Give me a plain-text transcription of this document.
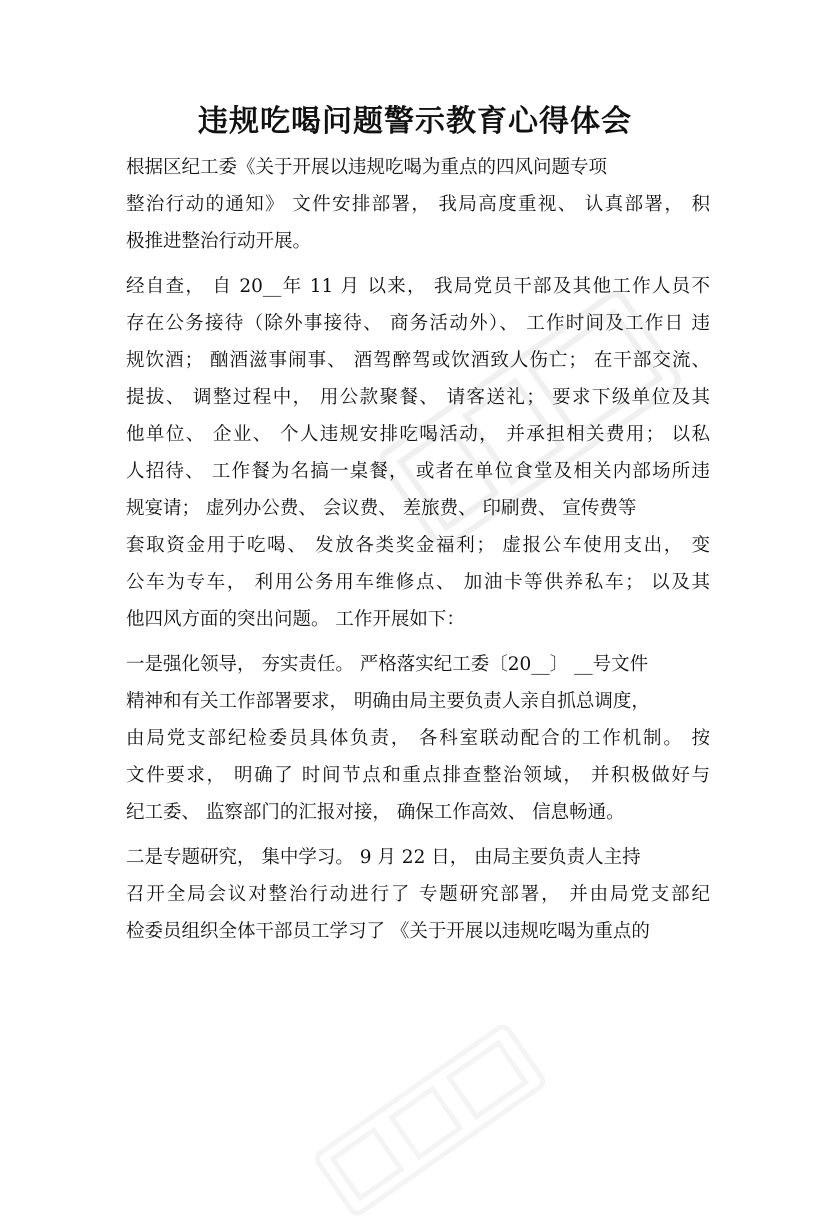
违规吃喝问题警示教育心得体会
根据区纪工委《关于开展以违规吃喝为重点的四风问题专项
整治行动的通知》 文件安排部署， 我局高度重视、 认真部署， 积
极推进整治行动开展。
经自查， 自 20__年 11 月 以来， 我局党员干部及其他工作人员不
存在公务接待（除外事接待、 商务活动外）、 工作时间及工作日 违
规饮酒； 酗酒滋事闹事、 酒驾醉驾或饮酒致人伤亡； 在干部交流、
提拔、 调整过程中， 用公款聚餐、 请客送礼； 要求下级单位及其
他单位、 企业、 个人违规安排吃喝活动， 并承担相关费用； 以私
人招待、 工作餐为名搞一桌餐， 或者在单位食堂及相关内部场所违
规宴请； 虚列办公费、 会议费、 差旅费、 印刷费、 宣传费等
套取资金用于吃喝、 发放各类奖金福利； 虚报公车使用支出， 变
公车为专车， 利用公务用车维修点、 加油卡等供养私车； 以及其
他四风方面的突出问题。 工作开展如下：
一是强化领导， 夯实责任。 严格落实纪工委〔20__〕 __号文件
精神和有关工作部署要求， 明确由局主要负责人亲自抓总调度，
由局党支部纪检委员具体负责， 各科室联动配合的工作机制。 按
文件要求， 明确了 时间节点和重点排查整治领域， 并积极做好与
纪工委、 监察部门的汇报对接， 确保工作高效、 信息畅通。
二是专题研究， 集中学习。 9 月 22 日， 由局主要负责人主持
召开全局会议对整治行动进行了 专题研究部署， 并由局党支部纪
检委员组织全体干部员工学习了 《关于开展以违规吃喝为重点的
